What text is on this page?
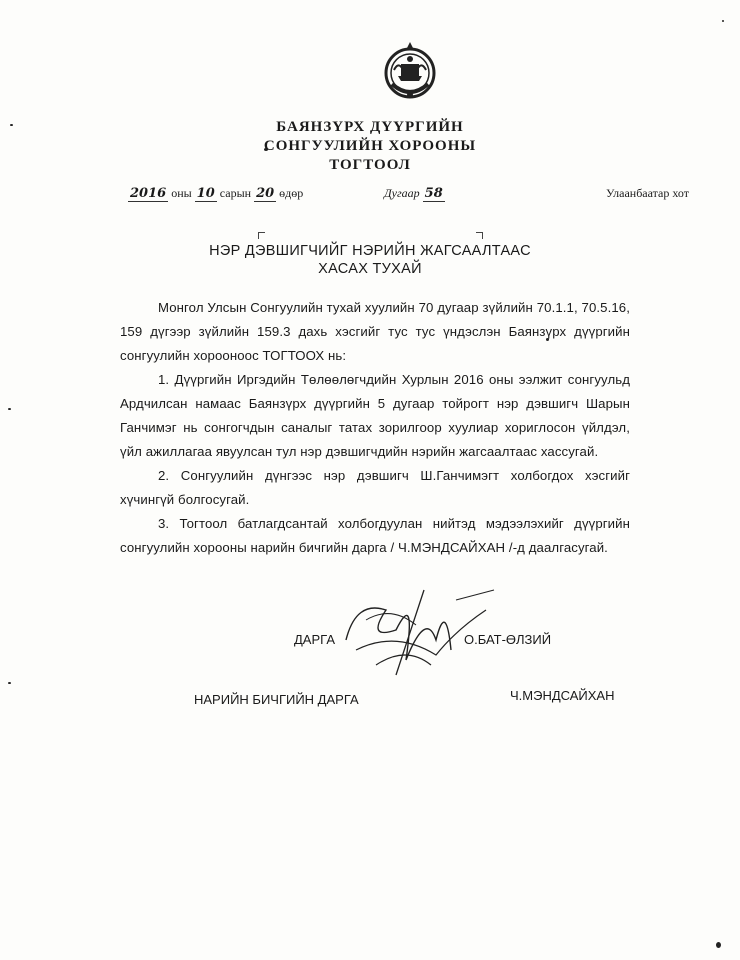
БАЯНЗҮРХ ДҮҮРГИЙН
СОНГУУЛИЙН ХОРООНЫ
ТОГТООЛ
2016 оны 10 сарын 20 өдөр	Дугаар 58	Улаанбаатар хот
НЭР ДЭВШИГЧИЙГ НЭРИЙН ЖАГСААЛТААС
ХАСАХ ТУХАЙ

Монгол Улсын Сонгуулийн тухай хуулийн 70 дугаар зүйлийн 70.1.1, 70.5.16, 159 дүгээр зүйлийн 159.3 дахь хэсгийг тус тус үндэслэн Баянзүрх дүүргийн сонгуулийн хорооноос ТОГТООХ нь:

1. Дүүргийн Иргэдийн Төлөөлөгчдийн Хурлын 2016 оны ээлжит сонгуульд Ардчилсан намаас Баянзүрх дүүргийн 5 дугаар тойрогт нэр дэвшигч Шарын Ганчимэг нь сонгогчдын саналыг татах зорилгоор хуулиар хориглосон үйлдэл, үйл ажиллагаа явуулсан тул нэр дэвшигчдийн нэрийн жагсаалтаас хассугай.

2. Сонгуулийн дүнгээс нэр дэвшигч Ш.Ганчимэгт холбогдох хэсгийг хүчингүй болгосугай.

3. Тогтоол батлагдсантай холбогдуулан нийтэд мэдээлэхийг дүүргийн сонгуулийн хорооны нарийн бичгийн дарга / Ч.МЭНДСАЙХАН /-д даалгасугай.

ДАРГА	О.БАТ-ӨЛЗИЙ
НАРИЙН БИЧГИЙН ДАРГА	Ч.МЭНДСАЙХАН
